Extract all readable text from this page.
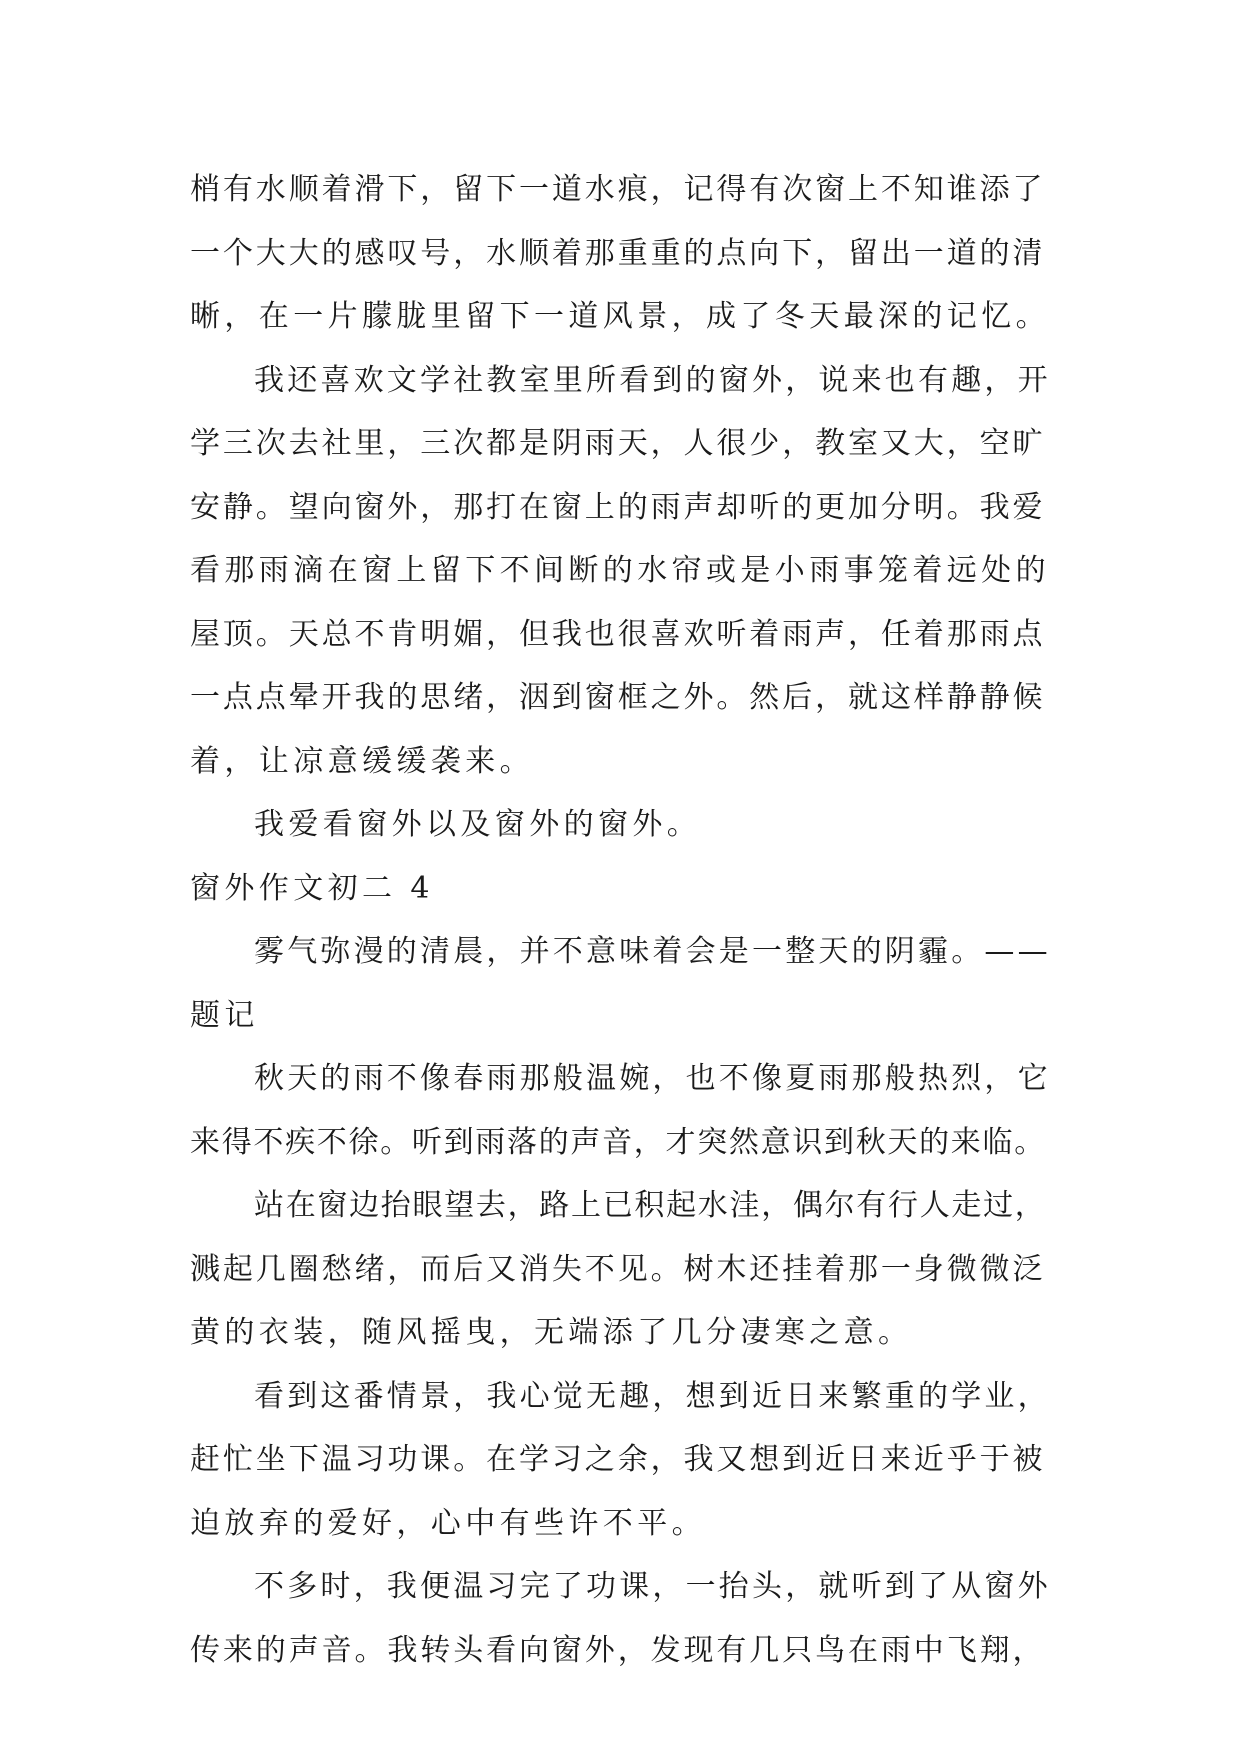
梢有水顺着滑下，留下一道水痕，记得有次窗上不知谁添了
一个大大的感叹号，水顺着那重重的点向下，留出一道的清
晰，在一片朦胧里留下一道风景，成了冬天最深的记忆。
我还喜欢文学社教室里所看到的窗外，说来也有趣，开
学三次去社里，三次都是阴雨天，人很少，教室又大，空旷
安静。望向窗外，那打在窗上的雨声却听的更加分明。我爱
看那雨滴在窗上留下不间断的水帘或是小雨事笼着远处的
屋顶。天总不肯明媚，但我也很喜欢听着雨声，任着那雨点
一点点晕开我的思绪，洇到窗框之外。然后，就这样静静候
着，让凉意缓缓袭来。
我爱看窗外以及窗外的窗外。
窗外作文初二 4
雾气弥漫的清晨，并不意味着会是一整天的阴霾。——
题记
秋天的雨不像春雨那般温婉，也不像夏雨那般热烈，它
来得不疾不徐。听到雨落的声音，才突然意识到秋天的来临。
站在窗边抬眼望去，路上已积起水洼，偶尔有行人走过，
溅起几圈愁绪，而后又消失不见。树木还挂着那一身微微泛
黄的衣装，随风摇曳，无端添了几分凄寒之意。
看到这番情景，我心觉无趣，想到近日来繁重的学业，
赶忙坐下温习功课。在学习之余，我又想到近日来近乎于被
迫放弃的爱好，心中有些许不平。
不多时，我便温习完了功课，一抬头，就听到了从窗外
传来的声音。我转头看向窗外，发现有几只鸟在雨中飞翔，
